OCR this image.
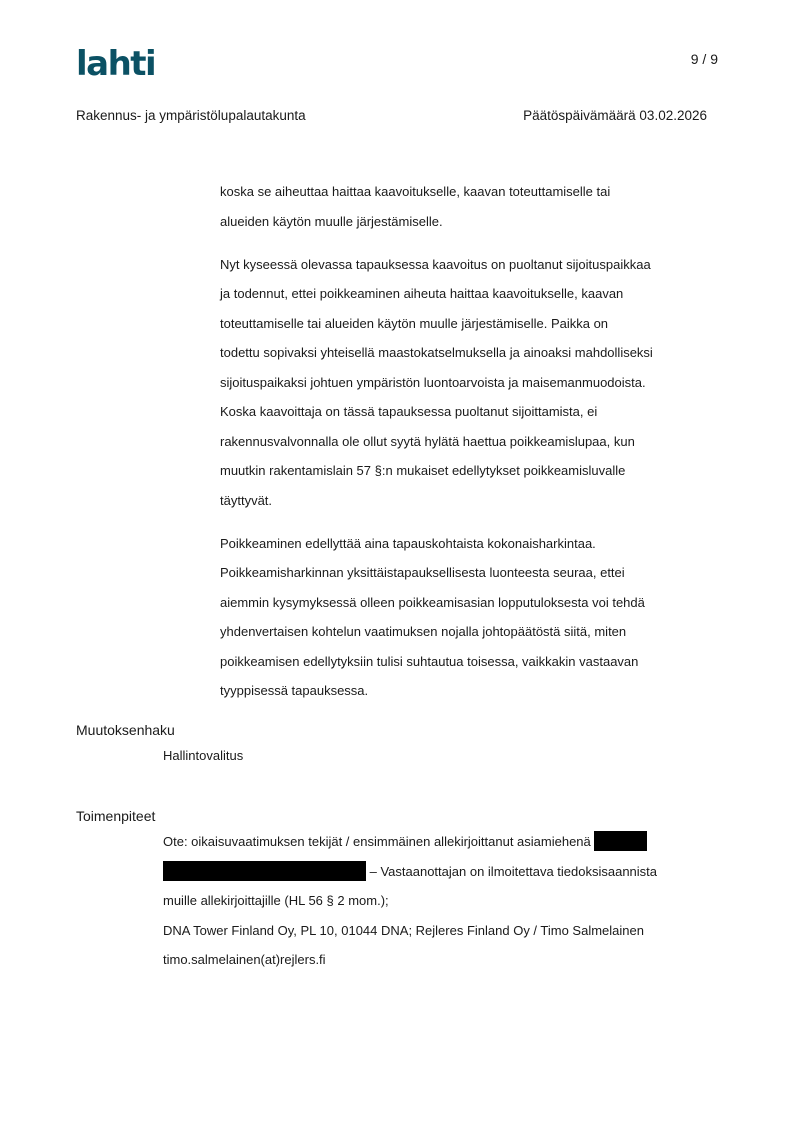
lahti	9 / 9
Rakennus- ja ympäristölupalautakunta	Päätöspäivämäärä 03.02.2026

koska se aiheuttaa haittaa kaavoitukselle, kaavan toteuttamiselle tai
alueiden käytön muulle järjestämiselle.

Nyt kyseessä olevassa tapauksessa kaavoitus on puoltanut sijoituspaikkaa
ja todennut, ettei poikkeaminen aiheuta haittaa kaavoitukselle, kaavan
toteuttamiselle tai alueiden käytön muulle järjestämiselle. Paikka on
todettu sopivaksi yhteisellä maastokatselmuksella ja ainoaksi mahdolliseksi
sijoituspaikaksi johtuen ympäristön luontoarvoista ja maisemanmuodoista.
Koska kaavoittaja on tässä tapauksessa puoltanut sijoittamista, ei
rakennusvalvonnalla ole ollut syytä hylätä haettua poikkeamislupaa, kun
muutkin rakentamislain 57 §:n mukaiset edellytykset poikkeamisluvalle
täyttyvät.

Poikkeaminen edellyttää aina tapauskohtaista kokonaisharkintaa.
Poikkeamisharkinnan yksittäistapauksellisesta luonteesta seuraa, ettei
aiemmin kysymyksessä olleen poikkeamisasian lopputuloksesta voi tehdä
yhdenvertaisen kohtelun vaatimuksen nojalla johtopäätöstä siitä, miten
poikkeamisen edellytyksiin tulisi suhtautua toisessa, vaikkakin vastaavan
tyyppisessä tapauksessa.

Muutoksenhaku
Hallintovalitus
Toimenpiteet
Ote: oikaisuvaatimuksen tekijät / ensimmäinen allekirjoittanut asiamiehenä
– Vastaanottajan on ilmoitettava tiedoksisaannista
muille allekirjoittajille (HL 56 § 2 mom.);
DNA Tower Finland Oy, PL 10, 01044 DNA; Rejleres Finland Oy / Timo Salmelainen
timo.salmelainen(at)rejlers.fi
